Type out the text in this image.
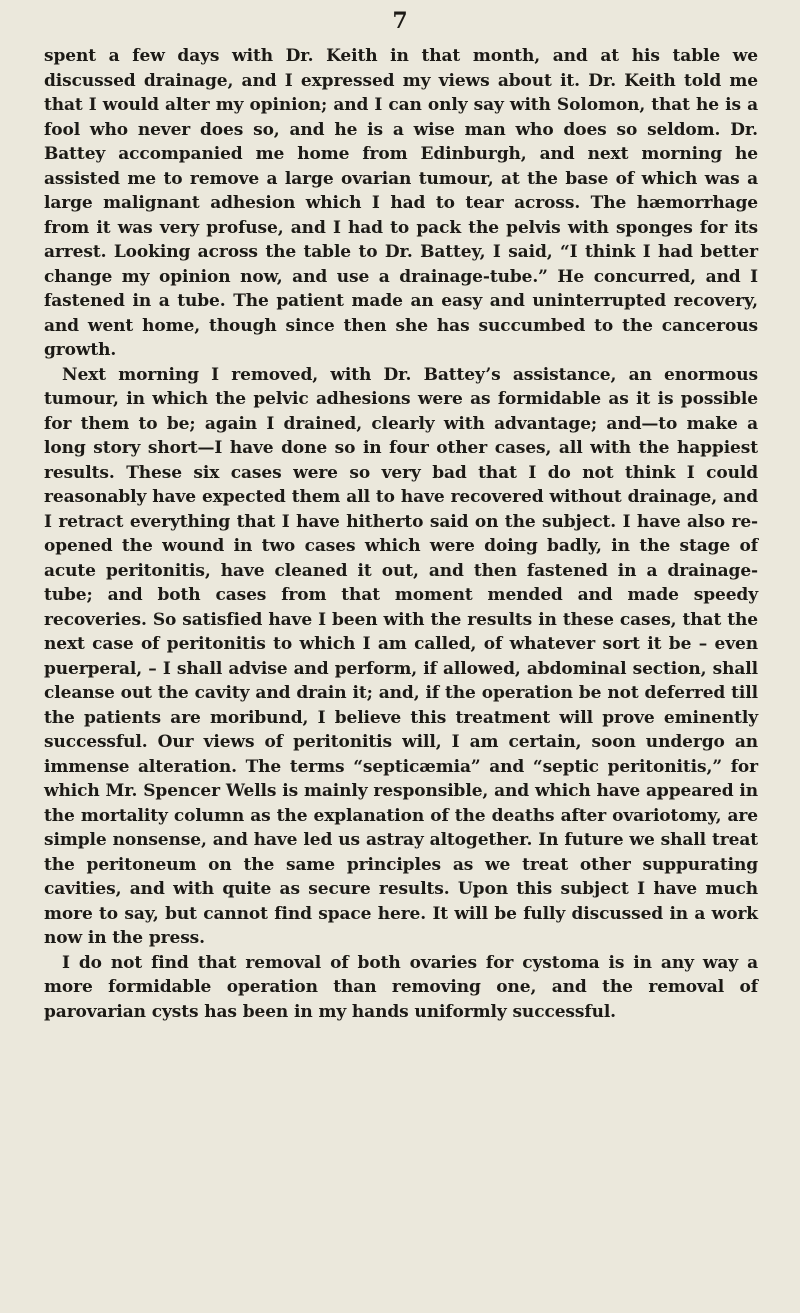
7

spent a few days with Dr. Keith in that month, and at his table we discussed drainage, and I expressed my views about it. Dr. Keith told me that I would alter my opinion; and I can only say with Solomon, that he is a fool who never does so, and he is a wise man who does so seldom. Dr. Battey accompanied me home from Edinburgh, and next morning he assisted me to remove a large ovarian tumour, at the base of which was a large malignant adhesion which I had to tear across. The hæmorrhage from it was very profuse, and I had to pack the pelvis with sponges for its arrest. Looking across the table to Dr. Battey, I said, “I think I had better change my opinion now, and use a drainage-tube.” He concurred, and I fastened in a tube. The patient made an easy and uninterrupted recovery, and went home, though since then she has succumbed to the cancerous growth.

Next morning I removed, with Dr. Battey’s assistance, an enormous tumour, in which the pelvic adhesions were as formidable as it is possible for them to be; again I drained, clearly with advantage; and—to make a long story short—I have done so in four other cases, all with the happiest results. These six cases were so very bad that I do not think I could reasonably have expected them all to have recovered without drainage, and I retract everything that I have hitherto said on the subject. I have also re-opened the wound in two cases which were doing badly, in the stage of acute peritonitis, have cleaned it out, and then fastened in a drainage-tube; and both cases from that moment mended and made speedy recoveries. So satisfied have I been with the results in these cases, that the next case of peritonitis to which I am called, of whatever sort it be – even puerperal, – I shall advise and perform, if allowed, abdominal section, shall cleanse out the cavity and drain it; and, if the operation be not deferred till the patients are moribund, I believe this treatment will prove eminently successful. Our views of peritonitis will, I am certain, soon undergo an immense alteration. The terms “septicæmia” and “septic peritonitis,” for which Mr. Spencer Wells is mainly responsible, and which have appeared in the mortality column as the explanation of the deaths after ovariotomy, are simple nonsense, and have led us astray altogether. In future we shall treat the peritoneum on the same principles as we treat other suppurating cavities, and with quite as secure results. Upon this subject I have much more to say, but cannot find space here. It will be fully discussed in a work now in the press.

I do not find that removal of both ovaries for cystoma is in any way a more formidable operation than removing one, and the removal of parovarian cysts has been in my hands uniformly successful.
